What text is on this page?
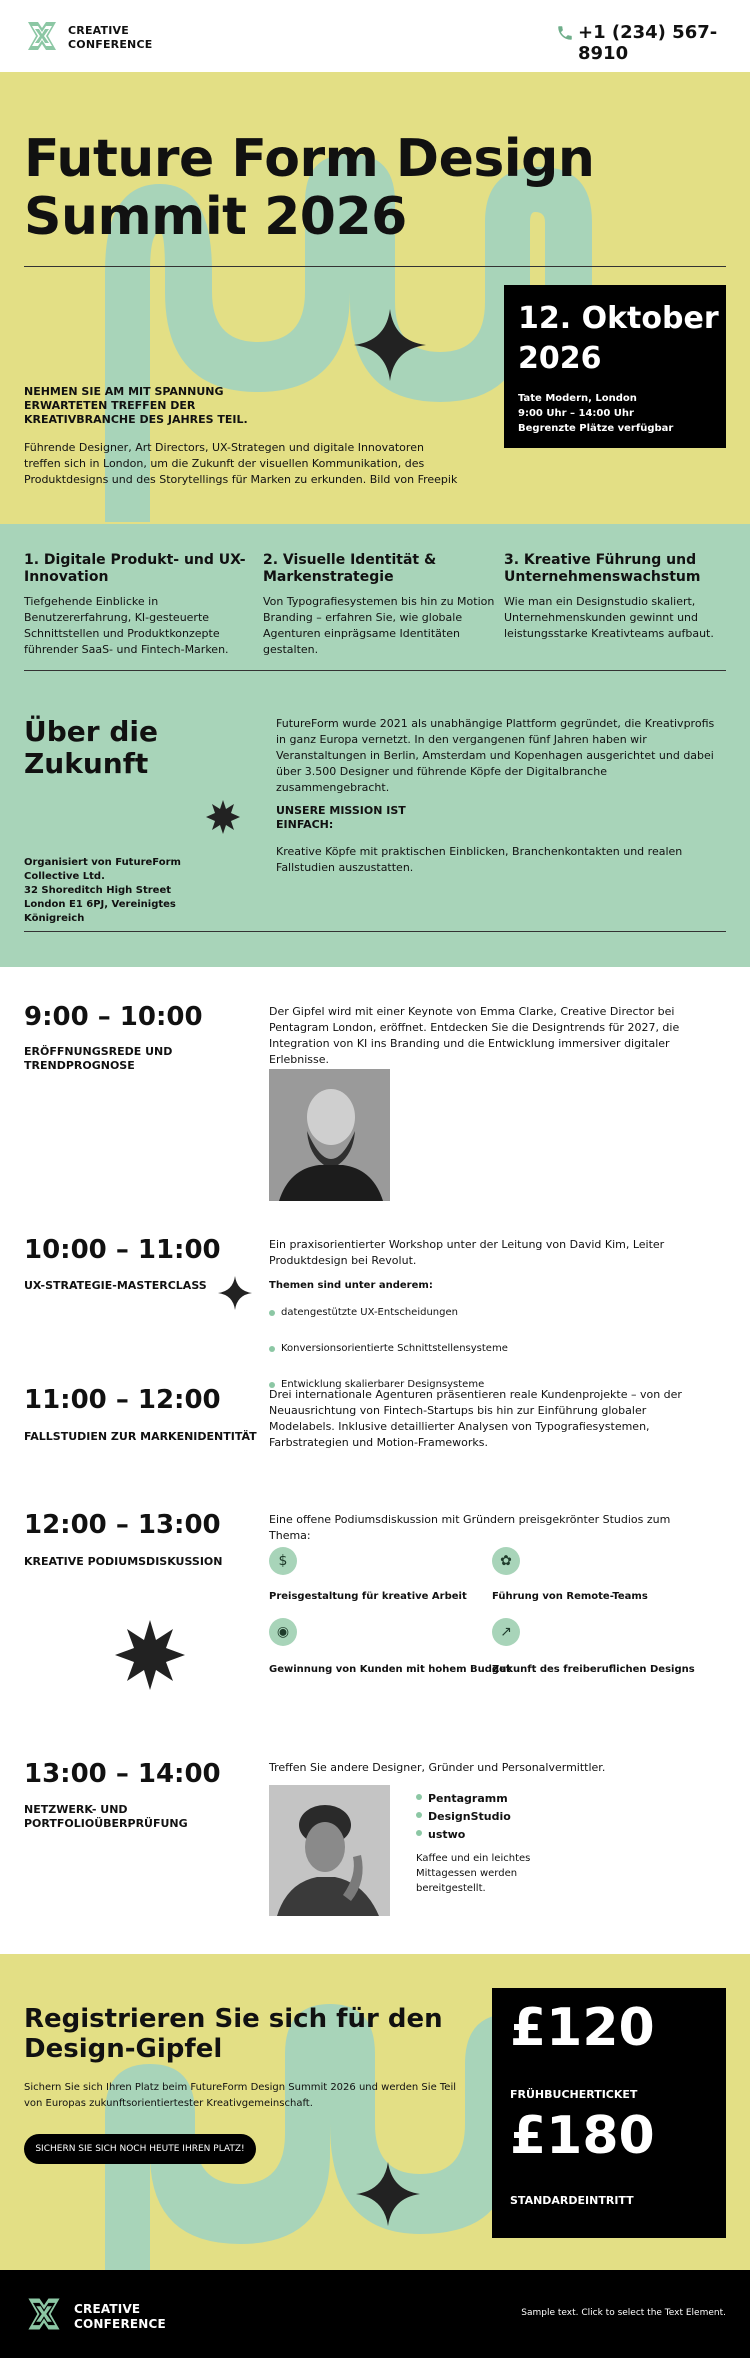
CREATIVE
CONFERENCE
+1 (234) 567-8910
Future Form Design
Summit 2026
NEHMEN SIE AM MIT SPANNUNG ERWARTETEN TREFFEN DER KREATIVBRANCHE DES JAHRES TEIL.
Führende Designer, Art Directors, UX-Strategen und digitale Innovatoren treffen sich in London, um die Zukunft der visuellen Kommunikation, des Produktdesigns und des Storytellings für Marken zu erkunden. Bild von Freepik
12. Oktober
2026
Tate Modern, London
9:00 Uhr – 14:00 Uhr
Begrenzte Plätze verfügbar
1. Digitale Produkt- und UX-Innovation
Tiefgehende Einblicke in Benutzererfahrung, KI-gesteuerte Schnittstellen und Produktkonzepte führender SaaS- und Fintech-Marken.
2. Visuelle Identität & Markenstrategie
Von Typografiesystemen bis hin zu Motion Branding – erfahren Sie, wie globale Agenturen einprägsame Identitäten gestalten.
3. Kreative Führung und Unternehmenswachstum
Wie man ein Designstudio skaliert, Unternehmenskunden gewinnt und leistungsstarke Kreativteams aufbaut.
Über die
Zukunft
Organisiert von FutureForm Collective Ltd.
32 Shoreditch High Street
London E1 6PJ, Vereinigtes Königreich
FutureForm wurde 2021 als unabhängige Plattform gegründet, die Kreativprofis in ganz Europa vernetzt. In den vergangenen fünf Jahren haben wir Veranstaltungen in Berlin, Amsterdam und Kopenhagen ausgerichtet und dabei über 3.500 Designer und führende Köpfe der Digitalbranche zusammengebracht.
UNSERE MISSION IST EINFACH:
Kreative Köpfe mit praktischen Einblicken, Branchenkontakten und realen Fallstudien auszustatten.
9:00 – 10:00
ERÖFFNUNGSREDE UND TRENDPROGNOSE
Der Gipfel wird mit einer Keynote von Emma Clarke, Creative Director bei Pentagram London, eröffnet. Entdecken Sie die Designtrends für 2027, die Integration von KI ins Branding und die Entwicklung immersiver digitaler Erlebnisse.
10:00 – 11:00
UX-STRATEGIE-MASTERCLASS
Ein praxisorientierter Workshop unter der Leitung von David Kim, Leiter Produktdesign bei Revolut.
Themen sind unter anderem:
datengestützte UX-Entscheidungen
Konversionsorientierte Schnittstellensysteme
Entwicklung skalierbarer Designsysteme
11:00 – 12:00
FALLSTUDIEN ZUR MARKENIDENTITÄT
Drei internationale Agenturen präsentieren reale Kundenprojekte – von der Neuausrichtung von Fintech-Startups bis hin zur Einführung globaler Modelabels. Inklusive detaillierter Analysen von Typografiesystemen, Farbstrategien und Motion-Frameworks.
12:00 – 13:00
KREATIVE PODIUMSDISKUSSION
Eine offene Podiumsdiskussion mit Gründern preisgekrönter Studios zum Thema:
$
Preisgestaltung für kreative Arbeit
✿
Führung von Remote-Teams
◉
Gewinnung von Kunden mit hohem Budget
↗
Zukunft des freiberuflichen Designs
13:00 – 14:00
NETZWERK- UND PORTFOLIOÜBERPRÜFUNG
Treffen Sie andere Designer, Gründer und Personalvermittler.
Pentagramm
DesignStudio
ustwo
Kaffee und ein leichtes Mittagessen werden bereitgestellt.
Registrieren Sie sich für den
Design-Gipfel
Sichern Sie sich Ihren Platz beim FutureForm Design Summit 2026 und werden Sie Teil von Europas zukunftsorientiertester Kreativgemeinschaft.
SICHERN SIE SICH NOCH HEUTE IHREN PLATZ!
£120
FRÜHBUCHERTICKET
£180
STANDARDEINTRITT
CREATIVE
CONFERENCE
Sample text. Click to select the Text Element.
